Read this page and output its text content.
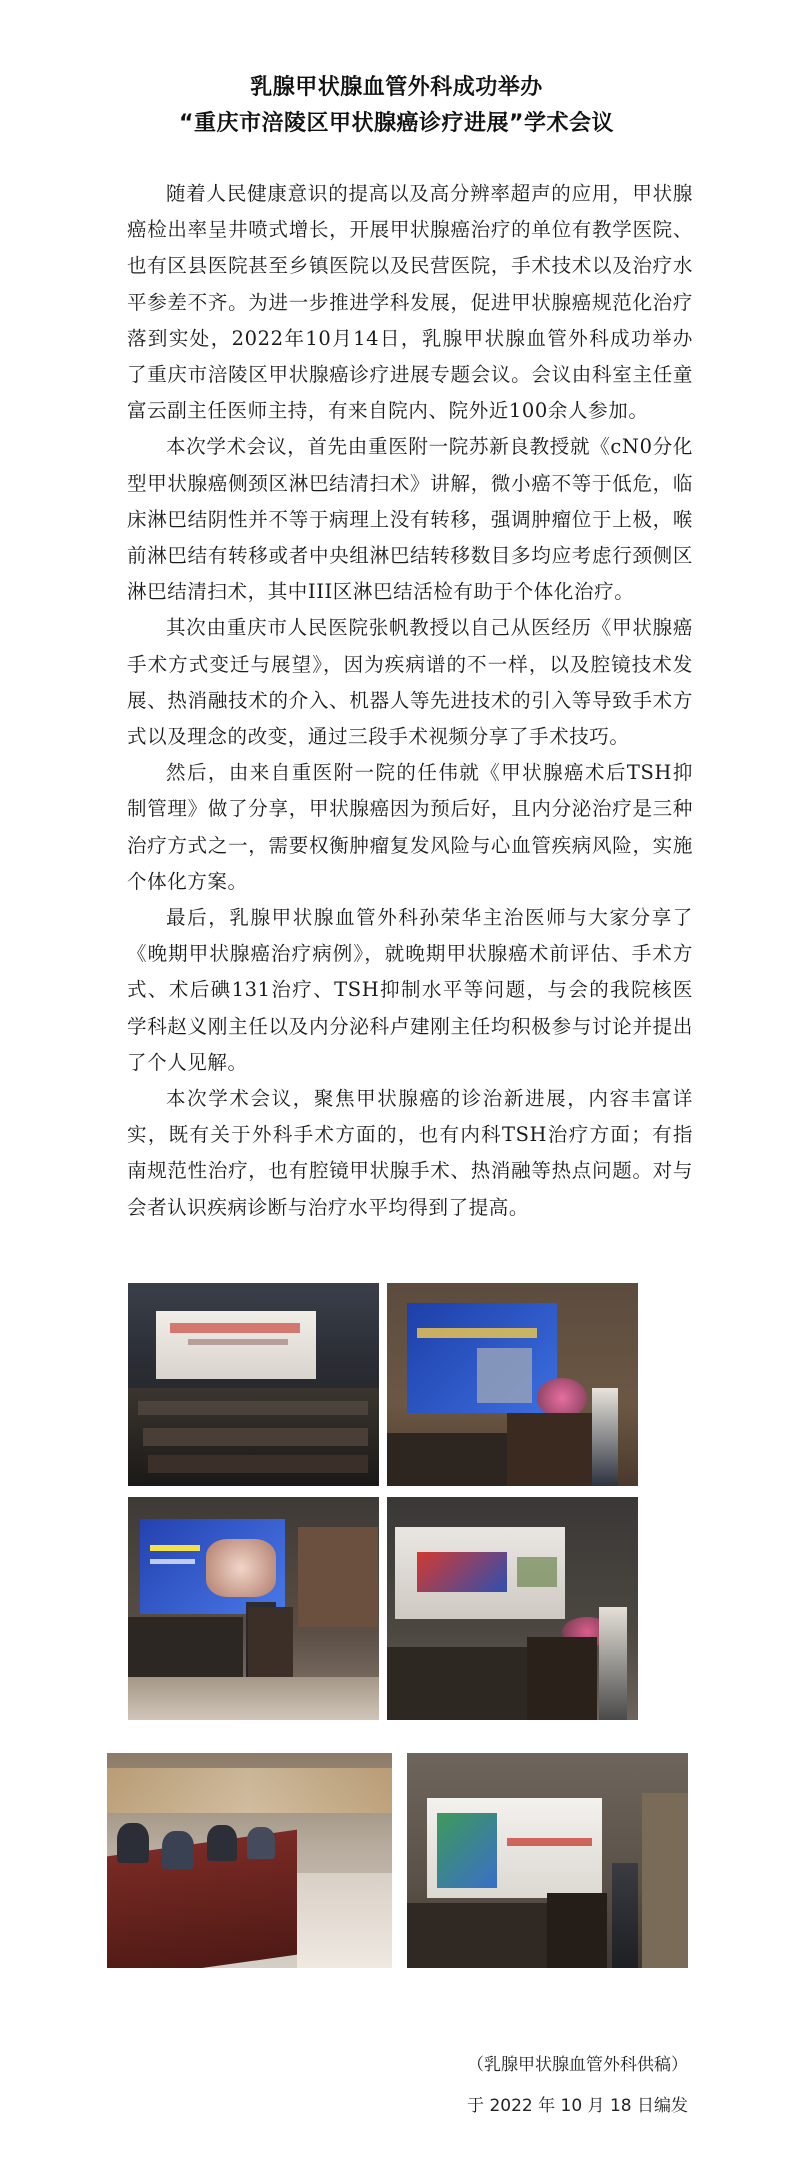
乳腺甲状腺血管外科成功举办
“重庆市涪陵区甲状腺癌诊疗进展”学术会议

随着人民健康意识的提高以及高分辨率超声的应用，甲状腺癌检出率呈井喷式增长，开展甲状腺癌治疗的单位有教学医院、也有区县医院甚至乡镇医院以及民营医院，手术技术以及治疗水平参差不齐。为进一步推进学科发展，促进甲状腺癌规范化治疗落到实处，2022年10月14日，乳腺甲状腺血管外科成功举办了重庆市涪陵区甲状腺癌诊疗进展专题会议。会议由科室主任童富云副主任医师主持，有来自院内、院外近100余人参加。

本次学术会议，首先由重医附一院苏新良教授就《cN0分化型甲状腺癌侧颈区淋巴结清扫术》讲解，微小癌不等于低危，临床淋巴结阴性并不等于病理上没有转移，强调肿瘤位于上极，喉前淋巴结有转移或者中央组淋巴结转移数目多均应考虑行颈侧区淋巴结清扫术，其中III区淋巴结活检有助于个体化治疗。

其次由重庆市人民医院张帆教授以自己从医经历《甲状腺癌手术方式变迁与展望》，因为疾病谱的不一样，以及腔镜技术发展、热消融技术的介入、机器人等先进技术的引入等导致手术方式以及理念的改变，通过三段手术视频分享了手术技巧。

然后，由来自重医附一院的任伟就《甲状腺癌术后TSH抑制管理》做了分享，甲状腺癌因为预后好，且内分泌治疗是三种治疗方式之一，需要权衡肿瘤复发风险与心血管疾病风险，实施个体化方案。

最后，乳腺甲状腺血管外科孙荣华主治医师与大家分享了《晚期甲状腺癌治疗病例》，就晚期甲状腺癌术前评估、手术方式、术后碘131治疗、TSH抑制水平等问题，与会的我院核医学科赵义刚主任以及内分泌科卢建刚主任均积极参与讨论并提出了个人见解。

本次学术会议，聚焦甲状腺癌的诊治新进展，内容丰富详实，既有关于外科手术方面的，也有内科TSH治疗方面；有指南规范性治疗，也有腔镜甲状腺手术、热消融等热点问题。对与会者认识疾病诊断与治疗水平均得到了提高。

（乳腺甲状腺血管外科供稿）
于 2022 年 10 月 18 日编发
